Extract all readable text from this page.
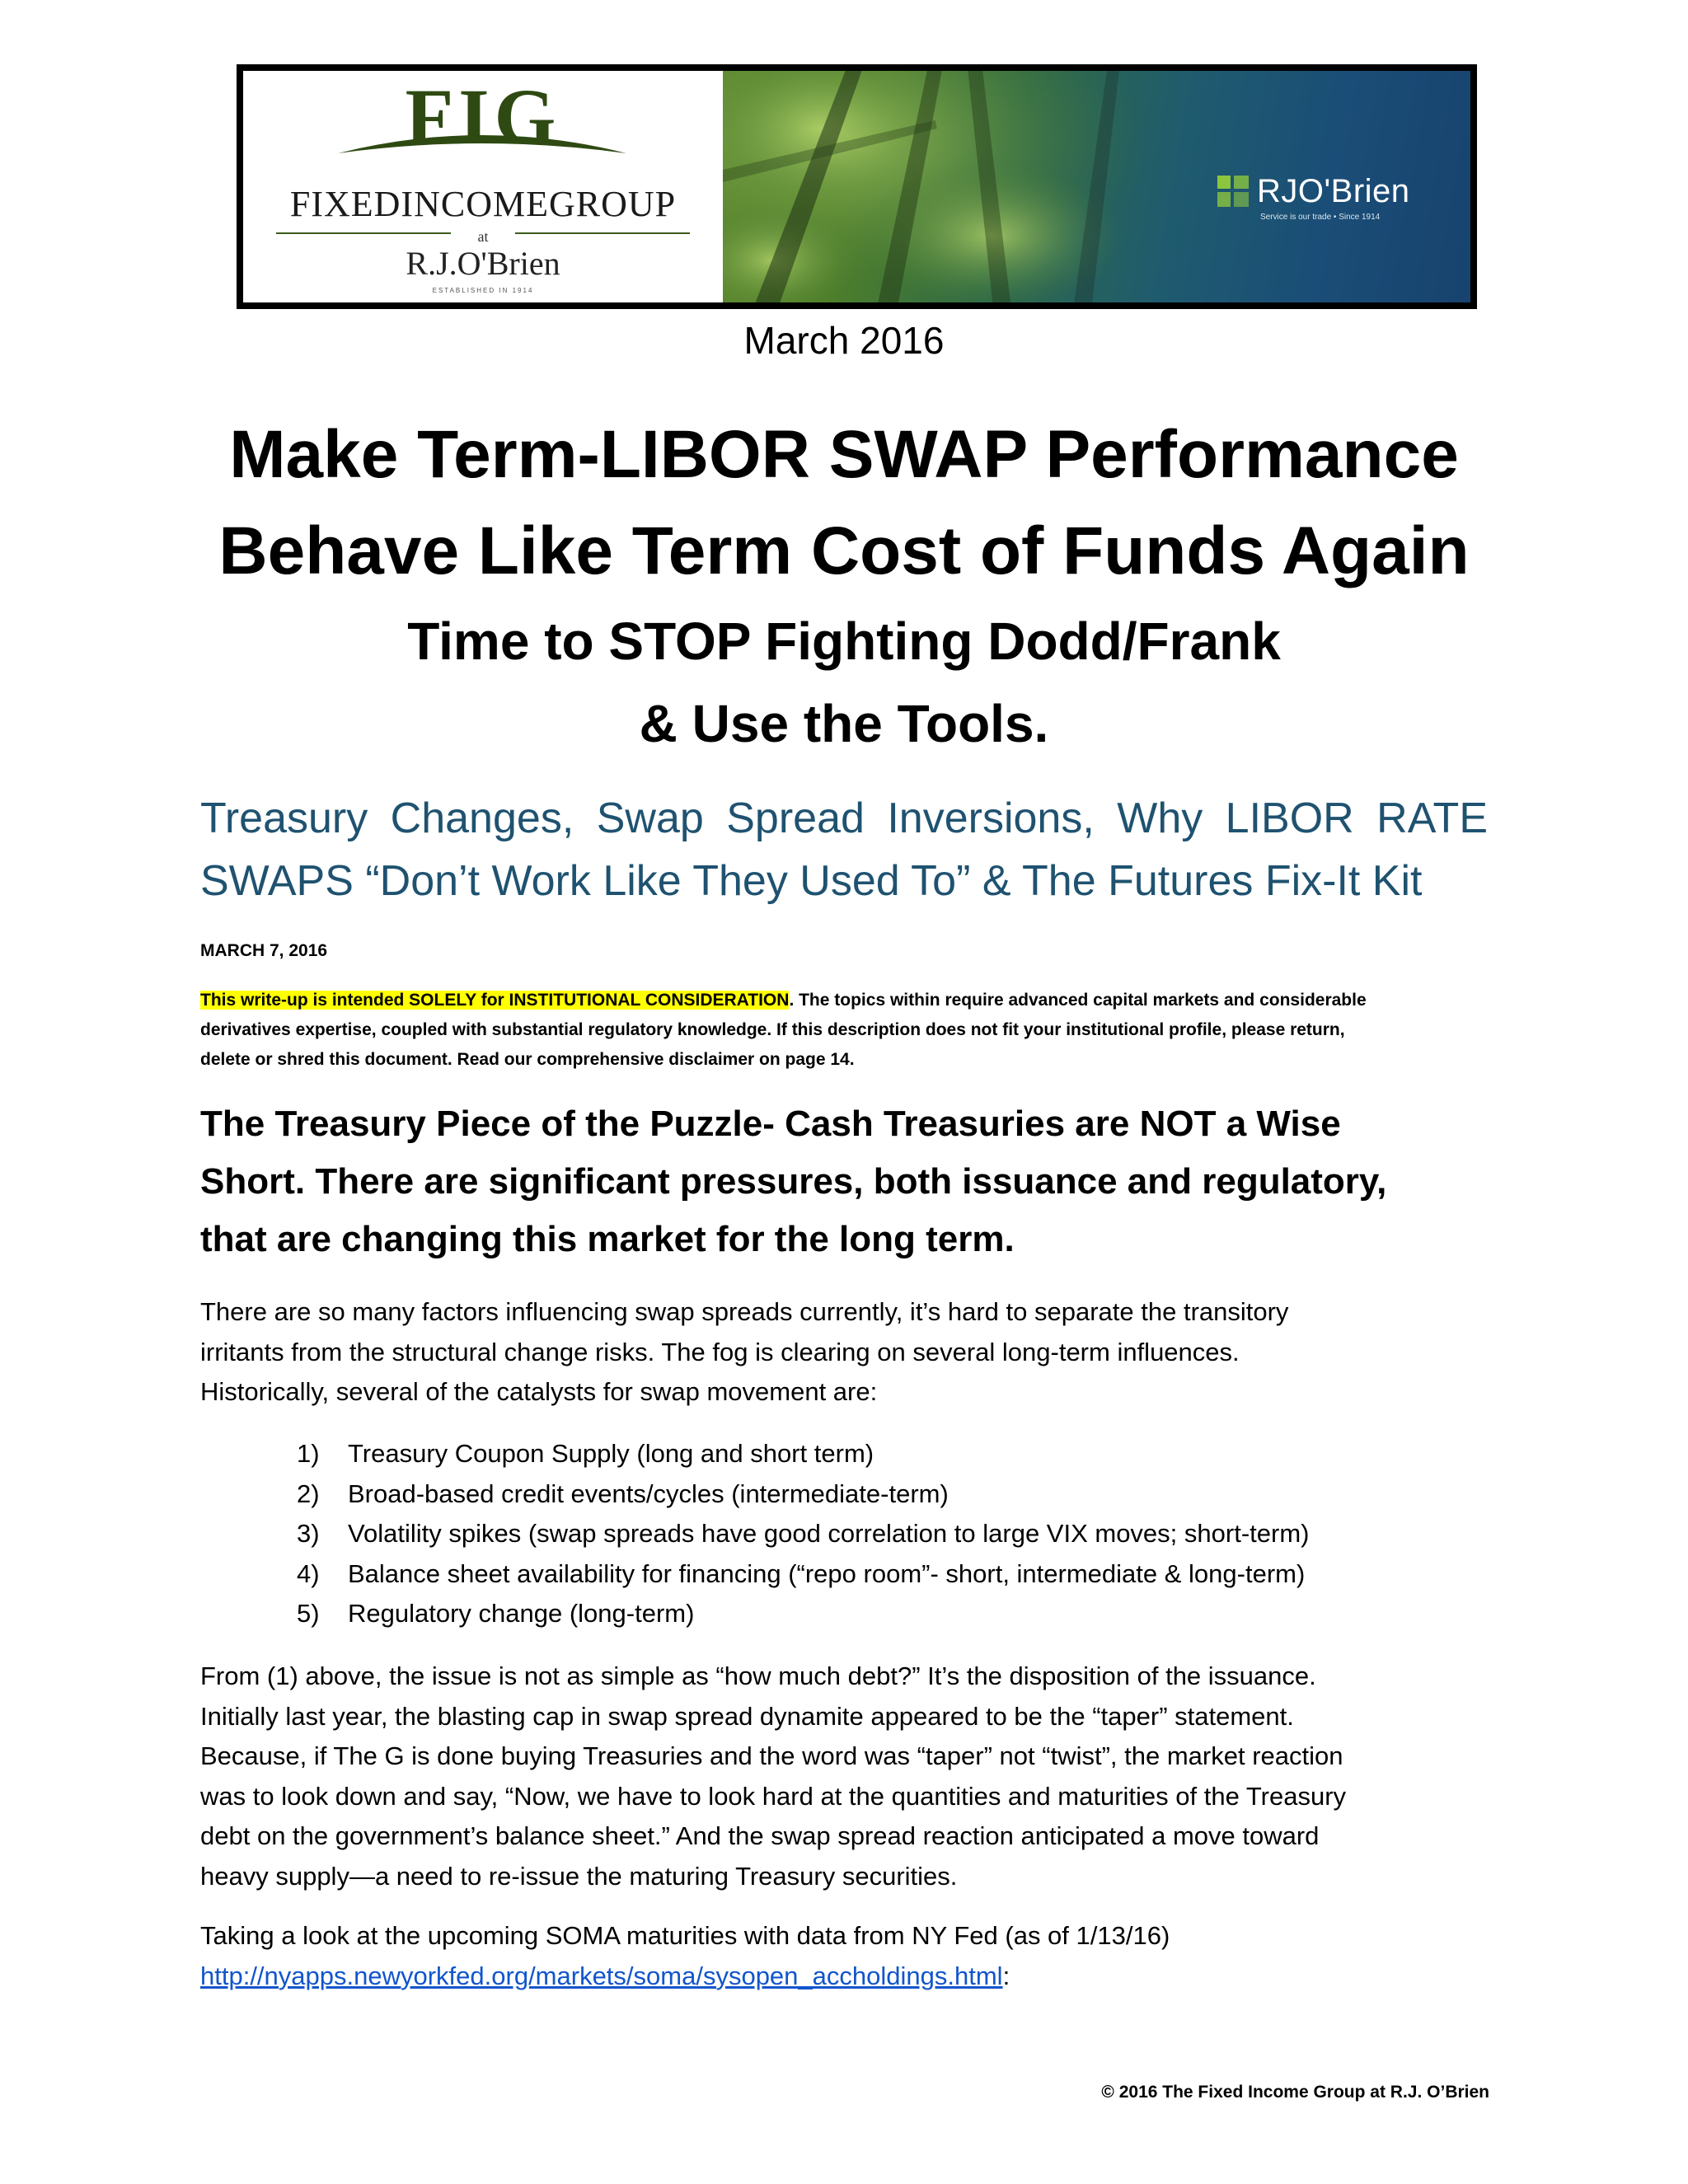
FIG
FIXEDINCOMEGROUP
at
R.J.O'Brien
ESTABLISHED IN 1914
RJO'Brien
Service is our trade • Since 1914
March 2016
Make Term-LIBOR SWAP Performance
Behave Like Term Cost of Funds Again
Time to STOP Fighting Dodd/Frank
& Use the Tools.
Treasury Changes, Swap Spread Inversions, Why LIBOR RATE
SWAPS “Don’t Work Like They Used To” & The Futures Fix-It Kit
MARCH 7, 2016
This write-up is intended SOLELY for INSTITUTIONAL CONSIDERATION. The topics within require advanced capital markets and considerable
derivatives expertise, coupled with substantial regulatory knowledge. If this description does not fit your institutional profile, please return,
delete or shred this document. Read our comprehensive disclaimer on page 14.
The Treasury Piece of the Puzzle- Cash Treasuries are NOT a Wise
Short. There are significant pressures, both issuance and regulatory,
that are changing this market for the long term.
There are so many factors influencing swap spreads currently, it’s hard to separate the transitory
irritants from the structural change risks. The fog is clearing on several long-term influences.
Historically, several of the catalysts for swap movement are:
1) Treasury Coupon Supply (long and short term)
2) Broad-based credit events/cycles (intermediate-term)
3) Volatility spikes (swap spreads have good correlation to large VIX moves; short-term)
4) Balance sheet availability for financing (“repo room”- short, intermediate & long-term)
5) Regulatory change (long-term)
From (1) above, the issue is not as simple as “how much debt?” It’s the disposition of the issuance.
Initially last year, the blasting cap in swap spread dynamite appeared to be the “taper” statement.
Because, if The G is done buying Treasuries and the word was “taper” not “twist”, the market reaction
was to look down and say, “Now, we have to look hard at the quantities and maturities of the Treasury
debt on the government’s balance sheet.” And the swap spread reaction anticipated a move toward
heavy supply—a need to re-issue the maturing Treasury securities.
Taking a look at the upcoming SOMA maturities with data from NY Fed (as of 1/13/16)
http://nyapps.newyorkfed.org/markets/soma/sysopen_accholdings.html:
© 2016 The Fixed Income Group at R.J. O’Brien
